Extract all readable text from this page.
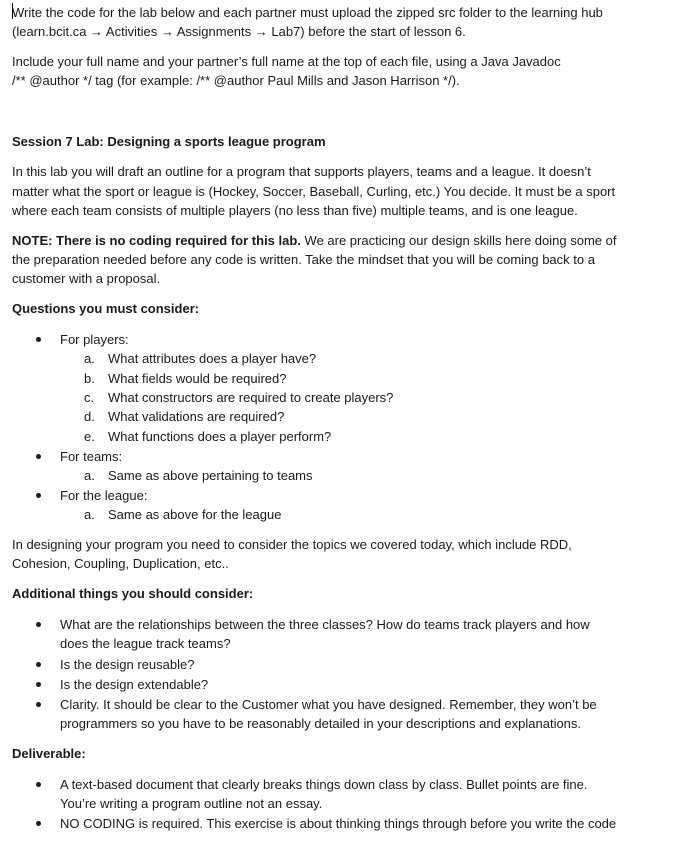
Write the code for the lab below and each partner must upload the zipped src folder to the learning hub

(learn.bcit.ca → Activities → Assignments → Lab7) before the start of lesson 6.

Include your full name and your partner’s full name at the top of each file, using a Java Javadoc

/** @author */ tag (for example: /** @author Paul Mills and Jason Harrison */).

Session 7 Lab: Designing a sports league program

In this lab you will draft an outline for a program that supports players, teams and a league. It doesn’t

matter what the sport or league is (Hockey, Soccer, Baseball, Curling, etc.) You decide. It must be a sport

where each team consists of multiple players (no less than five) multiple teams, and is one league.

NOTE: There is no coding required for this lab. We are practicing our design skills here doing some of

the preparation needed before any code is written. Take the mindset that you will be coming back to a

customer with a proposal.

Questions you must consider:

For players:
a.	What attributes does a player have?
b.	What fields would be required?
c.	What constructors are required to create players?
d.	What validations are required?
e.	What functions does a player perform?
For teams:
a.	Same as above pertaining to teams
For the league:
a.	Same as above for the league

In designing your program you need to consider the topics we covered today, which include RDD,

Cohesion, Coupling, Duplication, etc..

Additional things you should consider:

What are the relationships between the three classes? How do teams track players and how
does the league track teams?
Is the design reusable?
Is the design extendable?
Clarity. It should be clear to the Customer what you have designed. Remember, they won’t be
programmers so you have to be reasonably detailed in your descriptions and explanations.

Deliverable:

A text-based document that clearly breaks things down class by class. Bullet points are fine.
You’re writing a program outline not an essay.
NO CODING is required. This exercise is about thinking things through before you write the code
